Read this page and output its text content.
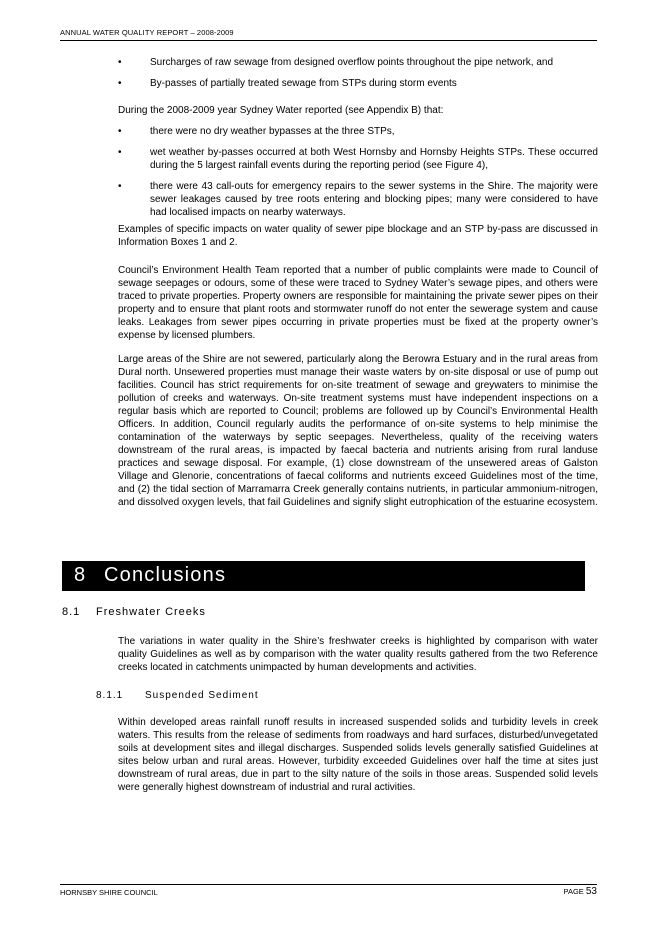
ANNUAL WATER QUALITY REPORT – 2008-2009
•	Surcharges of raw sewage from designed overflow points throughout the pipe network, and
•	By-passes of partially treated sewage from STPs during storm events

During the 2008-2009 year Sydney Water reported (see Appendix B) that:

•	there were no dry weather bypasses at the three STPs,
•	wet weather by-passes occurred at both West Hornsby and Hornsby Heights STPs. These occurred during the 5 largest rainfall events during the reporting period (see Figure 4),
•	there were 43 call-outs for emergency repairs to the sewer systems in the Shire. The majority were sewer leakages caused by tree roots entering and blocking pipes; many were considered to have had localised impacts on nearby waterways.

Examples of specific impacts on water quality of sewer pipe blockage and an STP by-pass are discussed in Information Boxes 1 and 2.

Council’s Environment Health Team reported that a number of public complaints were made to Council of sewage seepages or odours, some of these were traced to Sydney Water’s sewage pipes, and others were traced to private properties. Property owners are responsible for maintaining the private sewer pipes on their property and to ensure that plant roots and stormwater runoff do not enter the sewerage system and cause leaks. Leakages from sewer pipes occurring in private properties must be fixed at the property owner’s expense by licensed plumbers.

Large areas of the Shire are not sewered, particularly along the Berowra Estuary and in the rural areas from Dural north. Unsewered properties must manage their waste waters by on-site disposal or use of pump out facilities. Council has strict requirements for on-site treatment of sewage and greywaters to minimise the pollution of creeks and waterways. On-site treatment systems must have independent inspections on a regular basis which are reported to Council; problems are followed up by Council’s Environmental Health Officers. In addition, Council regularly audits the performance of on-site systems to help minimise the contamination of the waterways by septic seepages. Nevertheless, quality of the receiving waters downstream of the rural areas, is impacted by faecal bacteria and nutrients arising from rural landuse practices and sewage disposal. For example, (1) close downstream of the unsewered areas of Galston Village and Glenorie, concentrations of faecal coliforms and nutrients exceed Guidelines most of the time, and (2) the tidal section of Marramarra Creek generally contains nutrients, in particular ammonium-nitrogen, and dissolved oxygen levels, that fail Guidelines and signify slight eutrophication of the estuarine ecosystem.

8 Conclusions
8.1 Freshwater Creeks

The variations in water quality in the Shire’s freshwater creeks is highlighted by comparison with water quality Guidelines as well as by comparison with the water quality results gathered from the two Reference creeks located in catchments unimpacted by human developments and activities.

8.1.1 Suspended Sediment

Within developed areas rainfall runoff results in increased suspended solids and turbidity levels in creek waters. This results from the release of sediments from roadways and hard surfaces, disturbed/unvegetated soils at development sites and illegal discharges. Suspended solids levels generally satisfied Guidelines at sites below urban and rural areas. However, turbidity exceeded Guidelines over half the time at sites just downstream of rural areas, due in part to the silty nature of the soils in those areas. Suspended solid levels were generally highest downstream of industrial and rural activities.

HORNSBY SHIRE COUNCIL	PAGE 53
